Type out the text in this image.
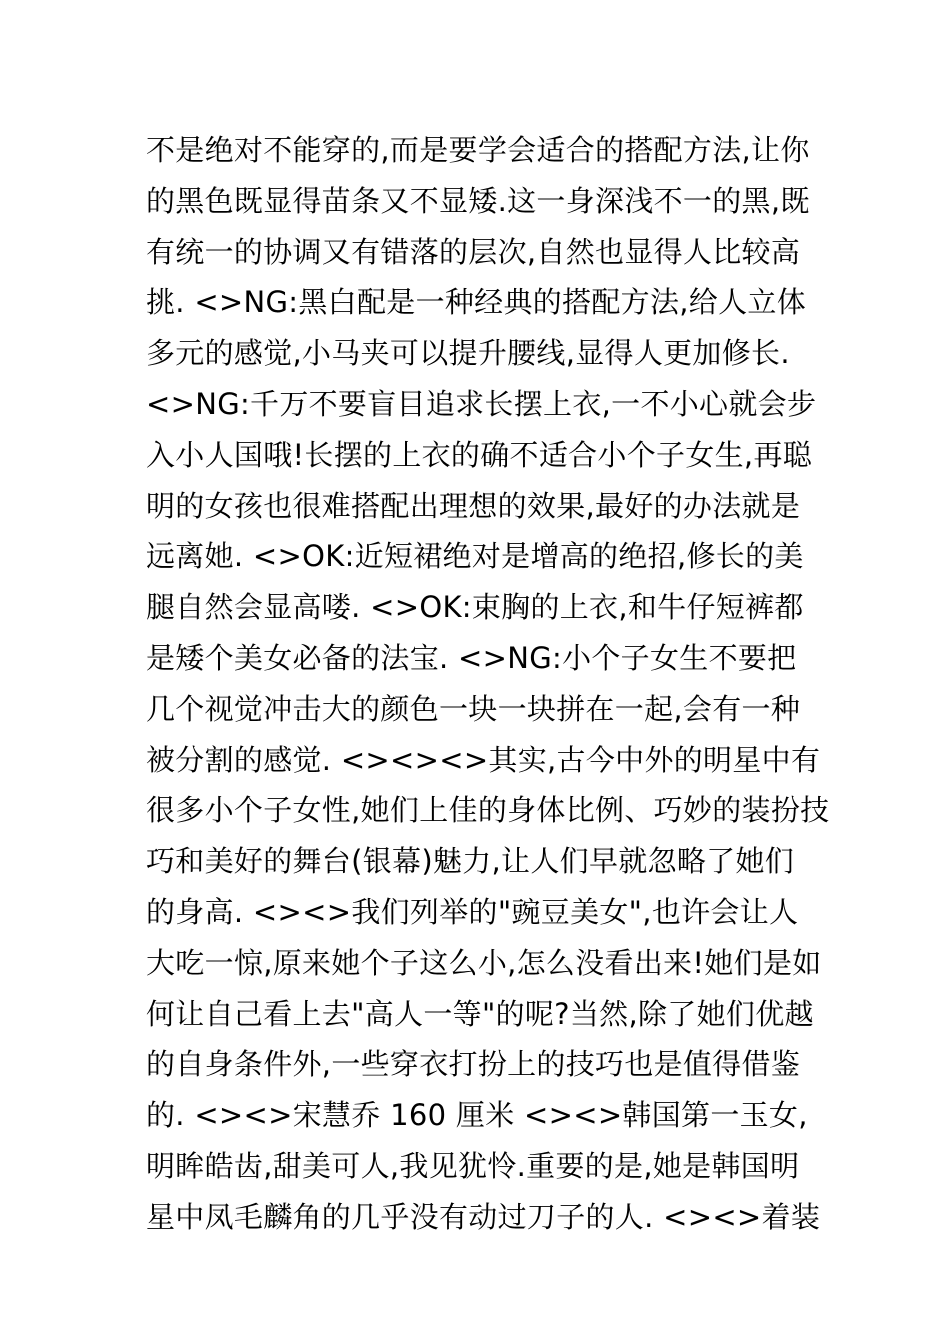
不是绝对不能穿的,而是要学会适合的搭配方法,让你
的黑色既显得苗条又不显矮.这一身深浅不一的黑,既
有统一的协调又有错落的层次,自然也显得人比较高
挑. <>NG:黑白配是一种经典的搭配方法,给人立体
多元的感觉,小马夹可以提升腰线,显得人更加修长.
<>NG:千万不要盲目追求长摆上衣,一不小心就会步
入小人国哦!长摆的上衣的确不适合小个子女生,再聪
明的女孩也很难搭配出理想的效果,最好的办法就是
远离她. <>OK:近短裙绝对是增高的绝招,修长的美
腿自然会显高喽. <>OK:束胸的上衣,和牛仔短裤都
是矮个美女必备的法宝. <>NG:小个子女生不要把
几个视觉冲击大的颜色一块一块拼在一起,会有一种
被分割的感觉. <><><>其实,古今中外的明星中有
很多小个子女性,她们上佳的身体比例、巧妙的装扮技
巧和美好的舞台(银幕)魅力,让人们早就忽略了她们
的身高. <><>我们列举的"豌豆美女",也许会让人
大吃一惊,原来她个子这么小,怎么没看出来!她们是如
何让自己看上去"高人一等"的呢?当然,除了她们优越
的自身条件外,一些穿衣打扮上的技巧也是值得借鉴
的. <><>宋慧乔 160 厘米 <><>韩国第一玉女,
明眸皓齿,甜美可人,我见犹怜.重要的是,她是韩国明
星中凤毛麟角的几乎没有动过刀子的人. <><>着装
